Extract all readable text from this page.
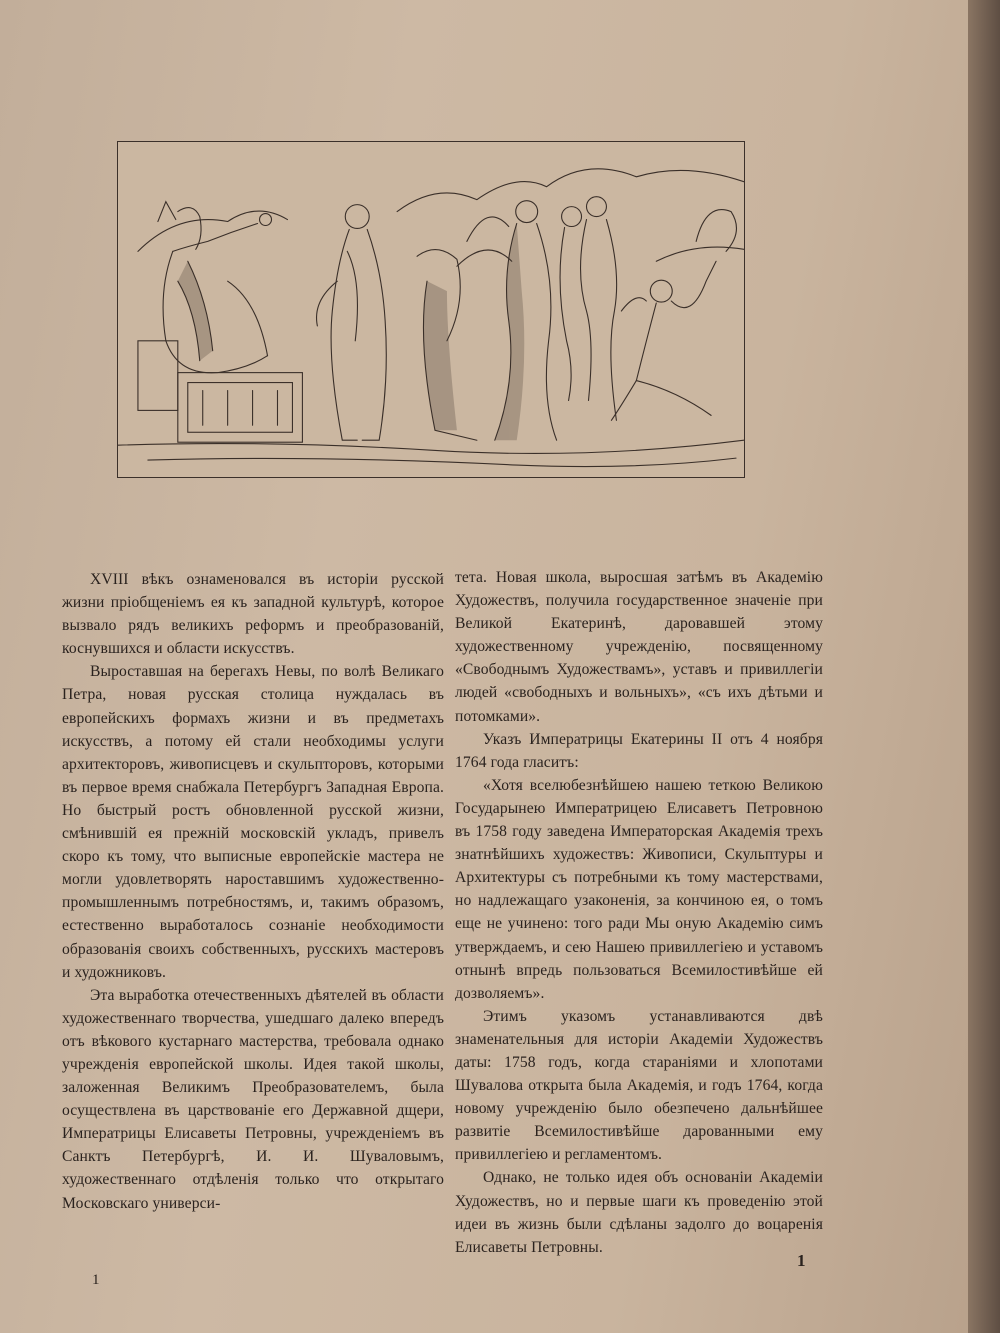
XVIII вѣкъ ознаменовался въ исторіи русской жизни пріобщеніемъ ея къ западной культурѣ, которое вызвало рядъ великихъ реформъ и преобразованій, коснувшихся и области искусствъ.

Выроставшая на берегахъ Невы, по волѣ Великаго Петра, новая русская столица нуждалась въ европейскихъ формахъ жизни и въ предметахъ искусствъ, а потому ей стали необходимы услуги архитекторовъ, живописцевъ и скульпторовъ, которыми въ первое время снабжала Петербургъ Западная Европа. Но быстрый ростъ обновленной русской жизни, смѣнившій ея прежній московскій укладъ, привелъ скоро къ тому, что выписные европейскіе мастера не могли удовлетворять нароставшимъ художественно-промышленнымъ потребностямъ, и, такимъ образомъ, естественно выработалось сознаніе необходимости образованія своихъ собственныхъ, русскихъ мастеровъ и художниковъ.

Эта выработка отечественныхъ дѣятелей въ области художественнаго творчества, ушедшаго далеко впередъ отъ вѣкового кустарнаго мастерства, требовала однако учрежденія европейской школы. Идея такой школы, заложенная Великимъ Преобразователемъ, была осуществлена въ царствованіе его Державной дщери, Императрицы Елисаветы Петровны, учрежденіемъ въ Санктъ Петербургѣ, И. И. Шуваловымъ, художественнаго отдѣленія только что открытаго Московскаго универси-

тета. Новая школа, выросшая затѣмъ въ Академію Художествъ, получила государственное значеніе при Великой Екатеринѣ, даровавшей этому художественному учрежденію, посвященному «Свободнымъ Художествамъ», уставъ и привиллегіи людей «свободныхъ и вольныхъ», «съ ихъ дѣтьми и потомками».

Указъ Императрицы Екатерины II отъ 4 ноября 1764 года гласитъ:

«Хотя вселюбезнѣйшею нашею теткою Великою Государынею Императрицею Елисаветъ Петровною въ 1758 году заведена Императорская Академія трехъ знатнѣйшихъ художествъ: Живописи, Скульптуры и Архитектуры съ потребными къ тому мастерствами, но надлежащаго узаконенія, за кончиною ея, о томъ еще не учинено: того ради Мы оную Академію симъ утверждаемъ, и сею Нашею привиллегіею и уставомъ отнынѣ впредь пользоваться Всемилостивѣйше ей дозволяемъ».

Этимъ указомъ устанавливаются двѣ знаменательныя для исторіи Академіи Художествъ даты: 1758 годъ, когда стараніями и хлопотами Шувалова открыта была Академія, и годъ 1764, когда новому учрежденію было обезпечено дальнѣйшее развитіе Всемилостивѣйше дарованными ему привиллегіею и регламентомъ.

Однако, не только идея объ основаніи Академіи Художествъ, но и первые шаги къ проведенію этой идеи въ жизнь были сдѣланы задолго до воцаренія Елисаветы Петровны.

1
1
